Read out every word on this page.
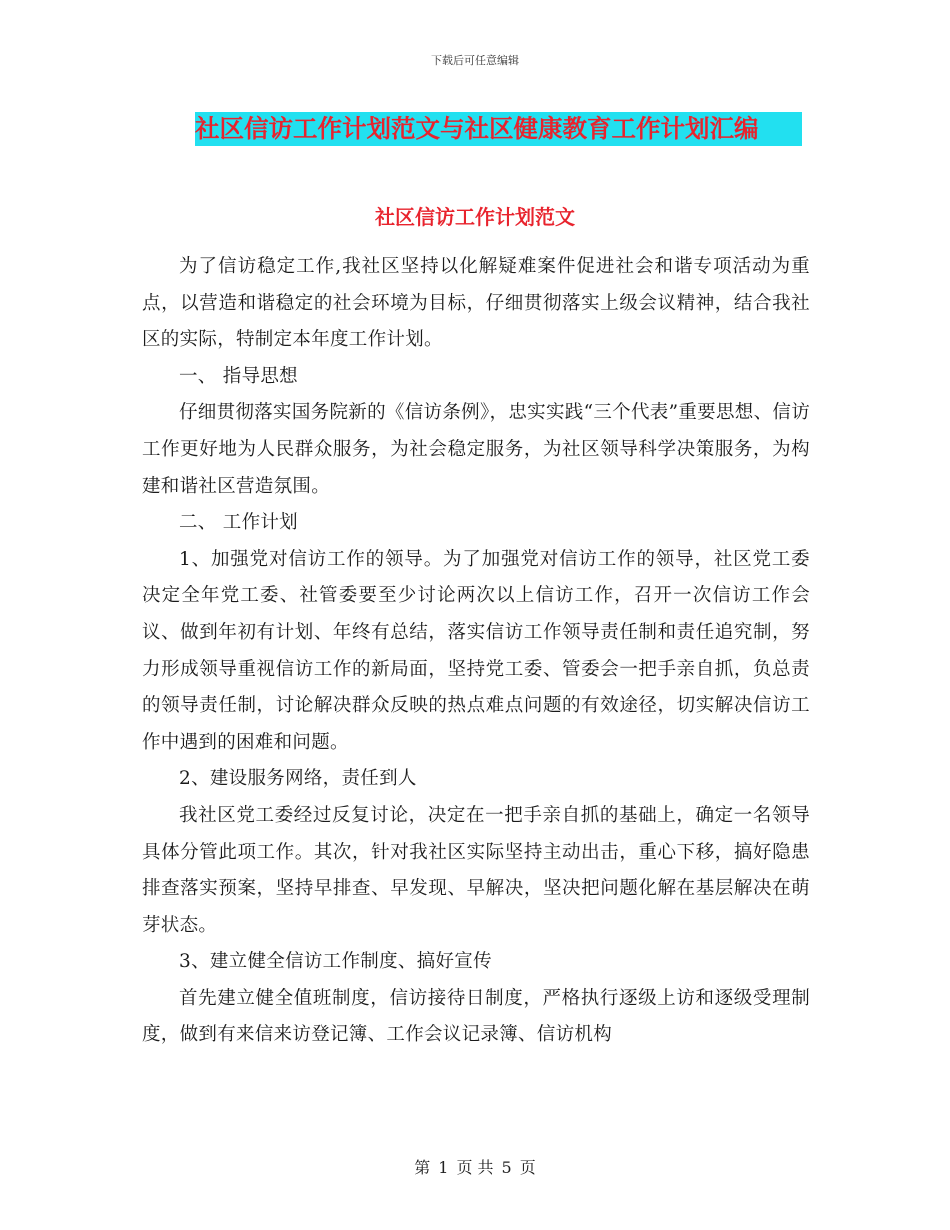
下载后可任意编辑
社区信访工作计划范文与社区健康教育工作计划汇编
社区信访工作计划范文

为了信访稳定工作,我社区坚持以化解疑难案件促进社会和谐专项活动为重点，以营造和谐稳定的社会环境为目标，仔细贯彻落实上级会议精神，结合我社区的实际，特制定本年度工作计划。

一、 指导思想

仔细贯彻落实国务院新的《信访条例》，忠实实践“三个代表”重要思想、信访工作更好地为人民群众服务，为社会稳定服务，为社区领导科学决策服务，为构建和谐社区营造氛围。

二、 工作计划

1、加强党对信访工作的领导。为了加强党对信访工作的领导，社区党工委决定全年党工委、社管委要至少讨论两次以上信访工作，召开一次信访工作会议、做到年初有计划、年终有总结，落实信访工作领导责任制和责任追究制，努力形成领导重视信访工作的新局面，坚持党工委、管委会一把手亲自抓，负总责的领导责任制，讨论解决群众反映的热点难点问题的有效途径，切实解决信访工作中遇到的困难和问题。

2、建设服务网络，责任到人

我社区党工委经过反复讨论，决定在一把手亲自抓的基础上，确定一名领导具体分管此项工作。其次，针对我社区实际坚持主动出击，重心下移，搞好隐患排查落实预案，坚持早排查、早发现、早解决，坚决把问题化解在基层解决在萌芽状态。

3、建立健全信访工作制度、搞好宣传

首先建立健全值班制度，信访接待日制度，严格执行逐级上访和逐级受理制度，做到有来信来访登记簿、工作会议记录簿、信访机构

第 1 页 共 5 页
